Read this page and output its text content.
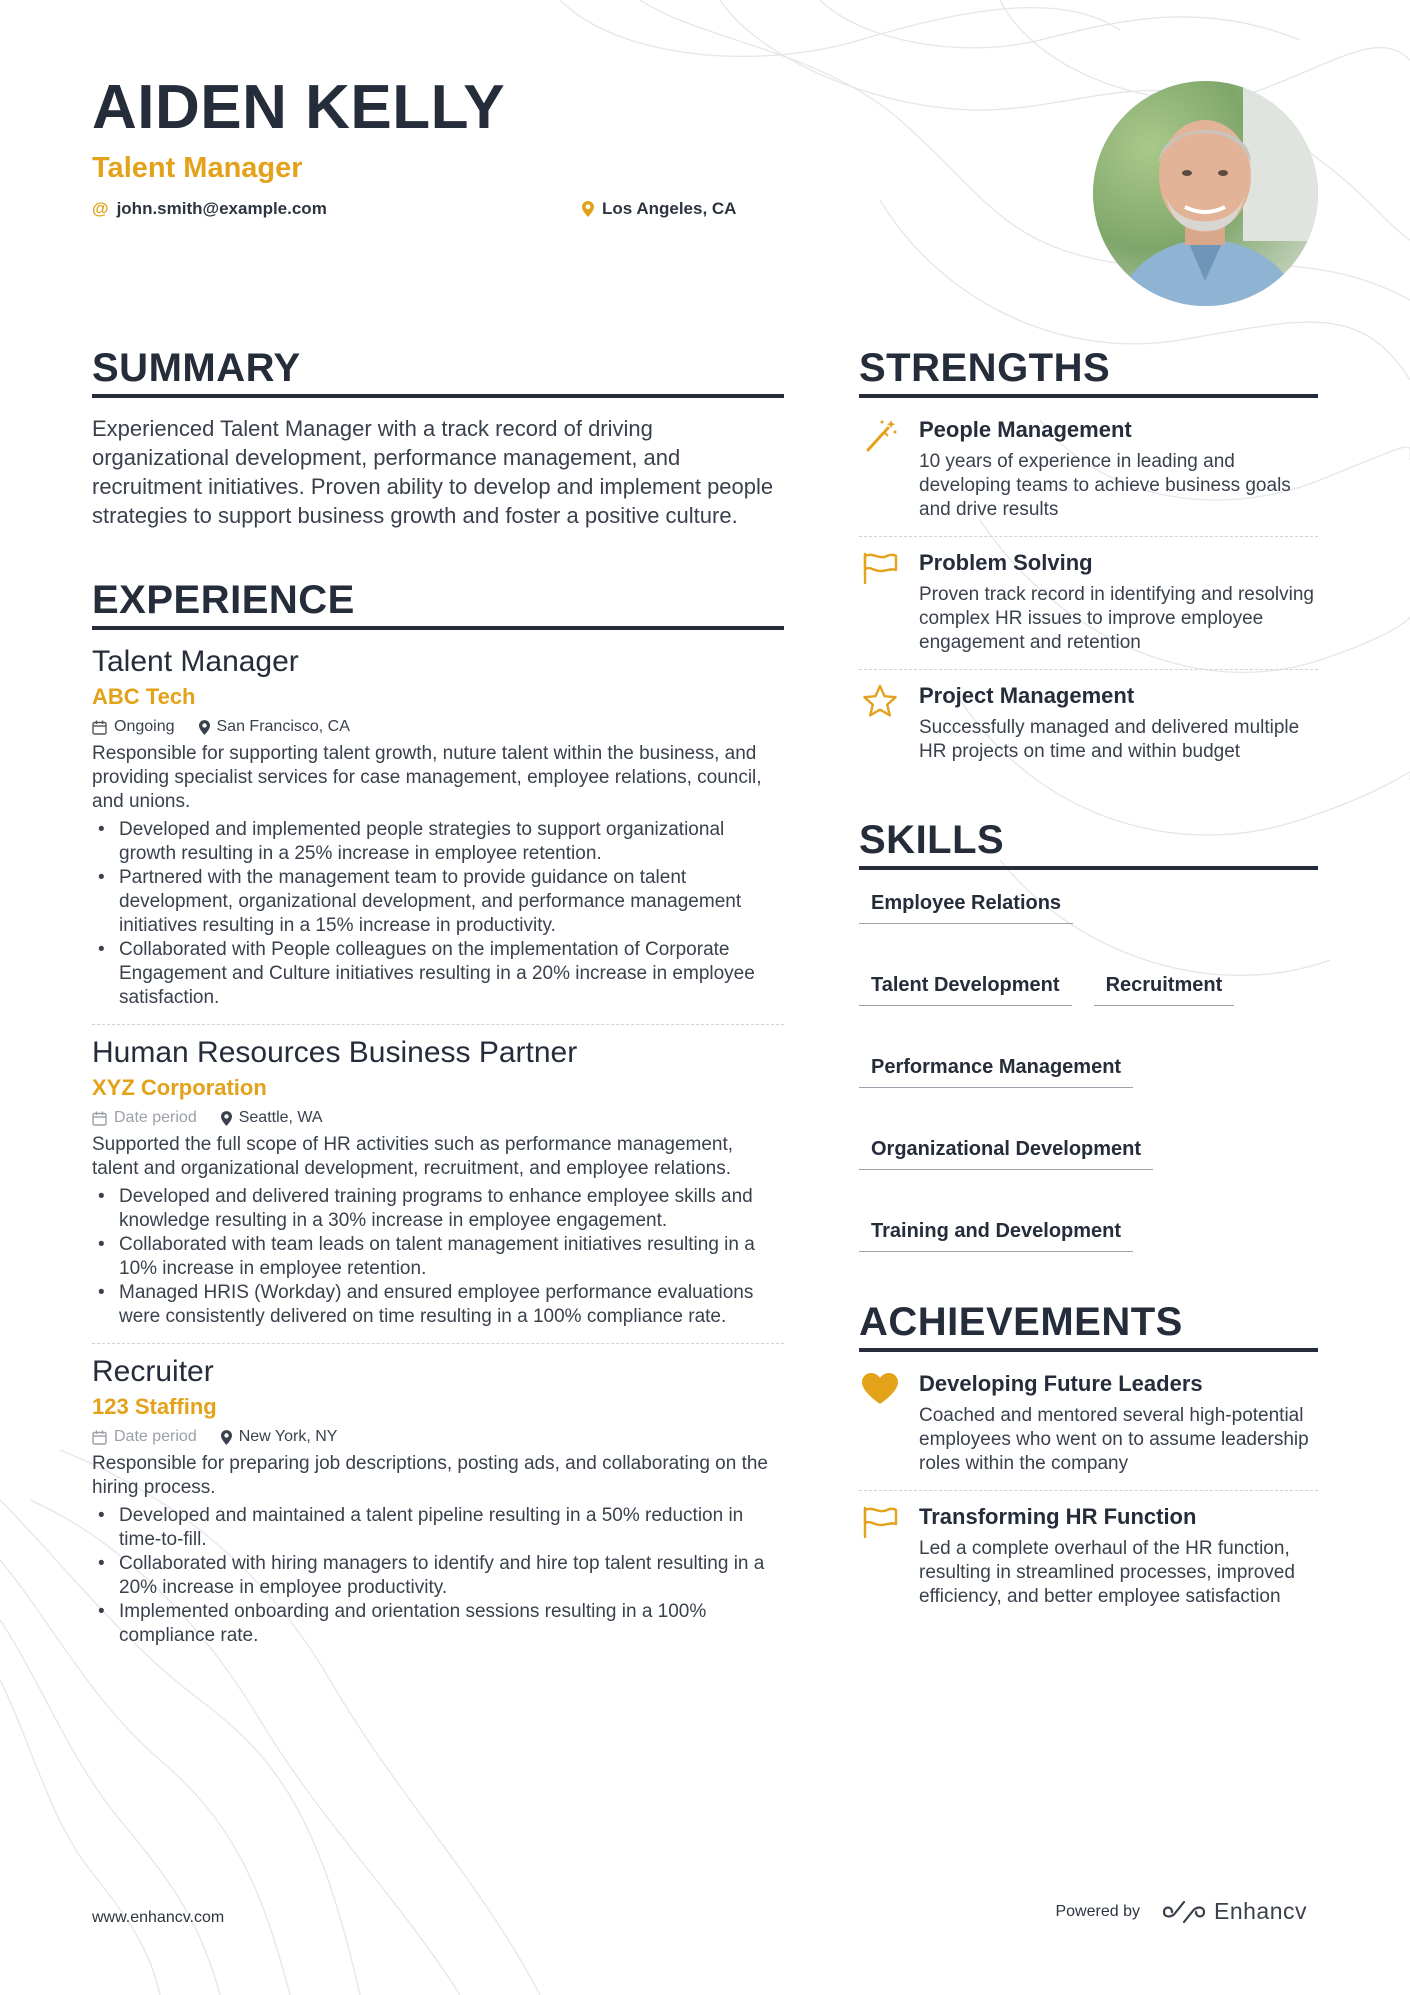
AIDEN KELLY
Talent Manager
@ john.smith@example.com	Los Angeles, CA
SUMMARY
Experienced Talent Manager with a track record of driving organizational development, performance management, and recruitment initiatives. Proven ability to develop and implement people strategies to support business growth and foster a positive culture.
EXPERIENCE
Talent Manager
ABC Tech
Ongoing	San Francisco, CA
Responsible for supporting talent growth, nuture talent within the business, and providing specialist services for case management, employee relations, council, and unions.
• Developed and implemented people strategies to support organizational growth resulting in a 25% increase in employee retention.
• Partnered with the management team to provide guidance on talent development, organizational development, and performance management initiatives resulting in a 15% increase in productivity.
• Collaborated with People colleagues on the implementation of Corporate Engagement and Culture initiatives resulting in a 20% increase in employee satisfaction.
Human Resources Business Partner
XYZ Corporation
Date period	Seattle, WA
Supported the full scope of HR activities such as performance management, talent and organizational development, recruitment, and employee relations.
• Developed and delivered training programs to enhance employee skills and knowledge resulting in a 30% increase in employee engagement.
• Collaborated with team leads on talent management initiatives resulting in a 10% increase in employee retention.
• Managed HRIS (Workday) and ensured employee performance evaluations were consistently delivered on time resulting in a 100% compliance rate.
Recruiter
123 Staffing
Date period	New York, NY
Responsible for preparing job descriptions, posting ads, and collaborating on the hiring process.
• Developed and maintained a talent pipeline resulting in a 50% reduction in time-to-fill.
• Collaborated with hiring managers to identify and hire top talent resulting in a 20% increase in employee productivity.
• Implemented onboarding and orientation sessions resulting in a 100% compliance rate.
STRENGTHS
People Management
10 years of experience in leading and developing teams to achieve business goals and drive results
Problem Solving
Proven track record in identifying and resolving complex HR issues to improve employee engagement and retention
Project Management
Successfully managed and delivered multiple HR projects on time and within budget
SKILLS
Employee Relations
Talent Development	Recruitment
Performance Management
Organizational Development
Training and Development
ACHIEVEMENTS
Developing Future Leaders
Coached and mentored several high-potential employees who went on to assume leadership roles within the company
Transforming HR Function
Led a complete overhaul of the HR function, resulting in streamlined processes, improved efficiency, and better employee satisfaction
www.enhancv.com	Powered by	Enhancv
